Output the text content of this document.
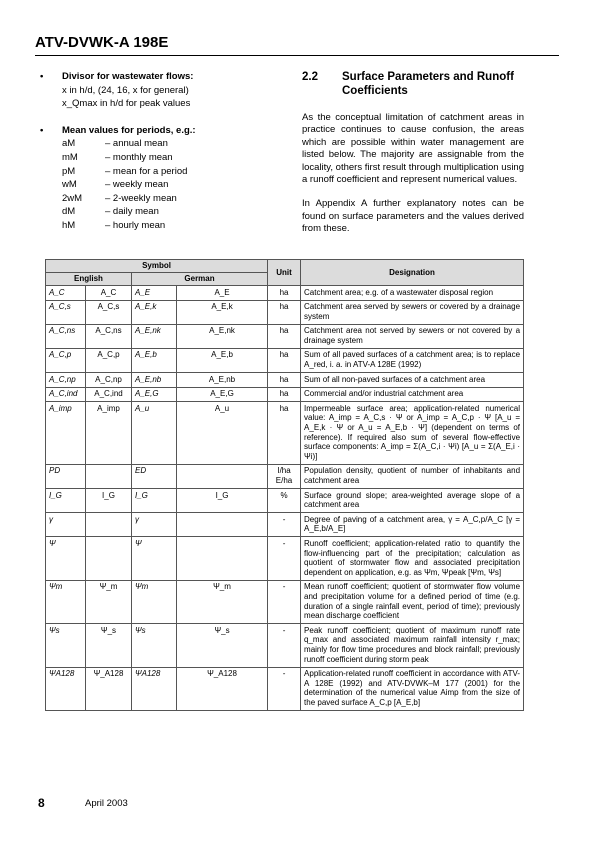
ATV-DVWK-A 198E
• Divisor for wastewater flows:
x in h/d, (24, 16, x for general)
x_Qmax in h/d for peak values
• Mean values for periods, e.g.:
aM	– annual mean
mM	– monthly mean
pM	– mean for a period
wM	– weekly mean
2wM	– 2-weekly mean
dM	– daily mean
hM	– hourly mean
2.2	Surface Parameters and Runoff Coefficients
As the conceptual limitation of catchment areas in practice continues to cause confusion, the areas which are possible within water management are listed below. The majority are assignable from the locality, others first result through multiplication using a runoff coefficient and represent numerical values.
In Appendix A further explanatory notes can be found on surface parameters and the values derived from these.
Symbol				Unit	Designation
English		German			
A_C	A_C	A_E	A_E	ha	Catchment area; e.g. of a wastewater disposal region
A_C,s	A_C,s	A_E,k	A_E,k	ha	Catchment area served by sewers or covered by a drainage system
A_C,ns	A_C,ns	A_E,nk	A_E,nk	ha	Catchment area not served by sewers or not covered by a drainage system
A_C,p	A_C,p	A_E,b	A_E,b	ha	Sum of all paved surfaces of a catchment area; is to replace A_red, i. a. in ATV-A 128E (1992)
A_C,np	A_C,np	A_E,nb	A_E,nb	ha	Sum of all non-paved surfaces of a catchment area
A_C,ind	A_C,ind	A_E,G	A_E,G	ha	Commercial and/or industrial catchment area
A_imp	A_imp	A_u	A_u	ha	Impermeable surface area; application-related numerical value: A_imp = A_C,s · Ψ or A_imp = A_C,p · Ψ [A_u = A_E,k · Ψ or A_u = A_E,b · Ψ] (dependent on terms of reference). If required also sum of several flow-effective surface components: A_imp = Σ(A_C,i · Ψi) [A_u = Σ(A_E,i · Ψi)]
PD		ED		I/ha E/ha	Population density, quotient of number of inhabitants and catchment area
I_G	I_G	I_G	I_G	%	Surface ground slope; area-weighted average slope of a catchment area
γ		γ		-	Degree of paving of a catchment area, γ = A_C,p/A_C [γ = A_E,b/A_E]
Ψ		Ψ		-	Runoff coefficient; application-related ratio to quantify the flow-influencing part of the precipitation; calculation as quotient of stormwater flow and associated precipitation dependent on application, e.g. as Ψm, Ψpeak [Ψm, Ψs]
Ψm	Ψ_m	Ψm	Ψ_m	-	Mean runoff coefficient; quotient of stormwater flow volume and precipitation volume for a defined period of time (e.g. duration of a single rainfall event, period of time); previously mean discharge coefficient
Ψs	Ψ_s	Ψs	Ψ_s	-	Peak runoff coefficient; quotient of maximum runoff rate q_max and associated maximum rainfall intensity r_max; mainly for flow time procedures and block rainfall; previously runoff coefficient during storm peak
ΨA128	Ψ_A128	ΨA128	Ψ_A128	-	Application-related runoff coefficient in accordance with ATV-A 128E (1992) and ATV-DVWK–M 177 (2001) for the determination of the numerical value Aimp from the size of the paved surface A_C,p [A_E,b]
8	April 2003
